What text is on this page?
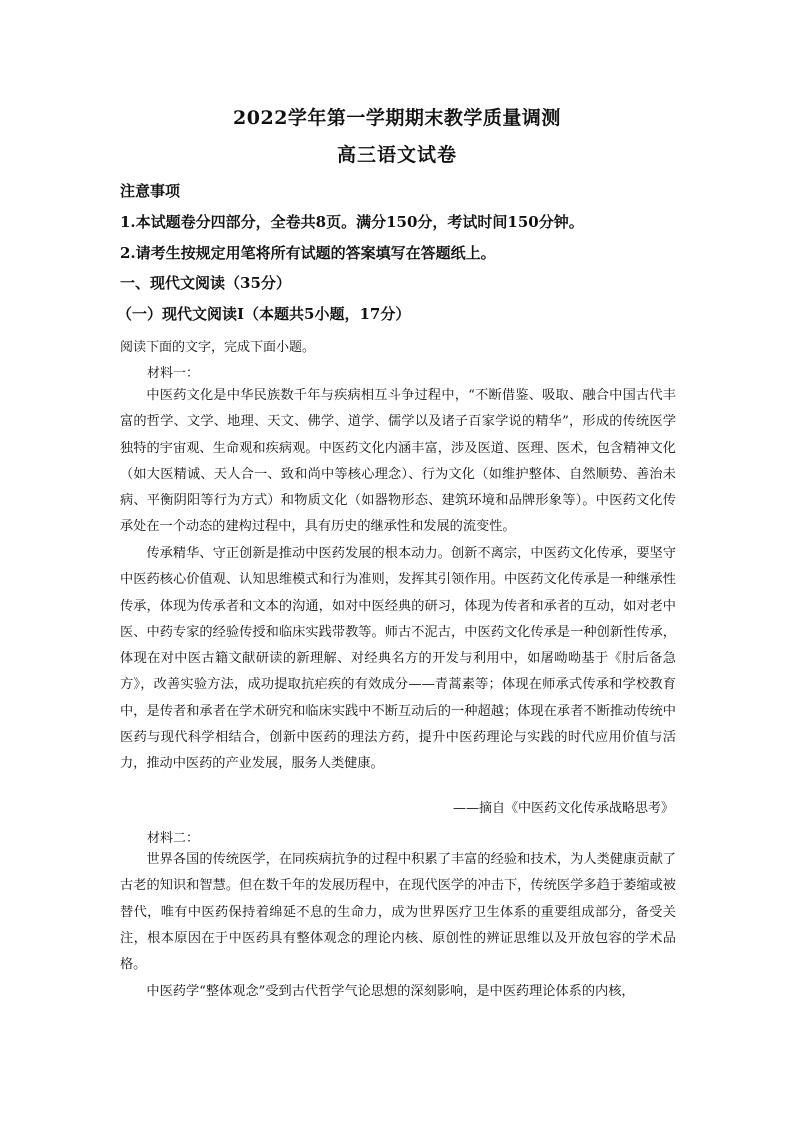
2022学年第一学期期末教学质量调测
高三语文试卷
注意事项
1.本试题卷分四部分，全卷共8页。满分150分，考试时间150分钟。
2.请考生按规定用笔将所有试题的答案填写在答题纸上。
一、现代文阅读（35分）
（一）现代文阅读Ⅰ（本题共5小题，17分）
阅读下面的文字，完成下面小题。
材料一：

中医药文化是中华民族数千年与疾病相互斗争过程中，“不断借鉴、吸取、融合中国古代丰富的哲学、文学、地理、天文、佛学、道学、儒学以及诸子百家学说的精华”，形成的传统医学独特的宇宙观、生命观和疾病观。中医药文化内涵丰富，涉及医道、医理、医术，包含精神文化（如大医精诚、天人合一、致和尚中等核心理念）、行为文化（如维护整体、自然顺势、善治未病、平衡阴阳等行为方式）和物质文化（如器物形态、建筑环境和品牌形象等）。中医药文化传承处在一个动态的建构过程中，具有历史的继承性和发展的流变性。

传承精华、守正创新是推动中医药发展的根本动力。创新不离宗，中医药文化传承，要坚守中医药核心价值观、认知思维模式和行为准则，发挥其引领作用。中医药文化传承是一种继承性传承，体现为传承者和文本的沟通，如对中医经典的研习，体现为传者和承者的互动，如对老中医、中药专家的经验传授和临床实践带教等。师古不泥古，中医药文化传承是一种创新性传承，体现在对中医古籍文献研读的新理解、对经典名方的开发与利用中，如屠呦呦基于《肘后备急方》，改善实验方法，成功提取抗疟疾的有效成分——青蒿素等；体现在师承式传承和学校教育中，是传者和承者在学术研究和临床实践中不断互动后的一种超越；体现在承者不断推动传统中医药与现代科学相结合，创新中医药的理法方药，提升中医药理论与实践的时代应用价值与活力，推动中医药的产业发展，服务人类健康。

——摘自《中医药文化传承战略思考》
材料二：

世界各国的传统医学，在同疾病抗争的过程中积累了丰富的经验和技术，为人类健康贡献了古老的知识和智慧。但在数千年的发展历程中，在现代医学的冲击下，传统医学多趋于萎缩或被替代，唯有中医药保持着绵延不息的生命力，成为世界医疗卫生体系的重要组成部分，备受关注，根本原因在于中医药具有整体观念的理论内核、原创性的辨证思维以及开放包容的学术品格。

中医药学“整体观念”受到古代哲学气论思想的深刻影响，是中医药理论体系的内核，
